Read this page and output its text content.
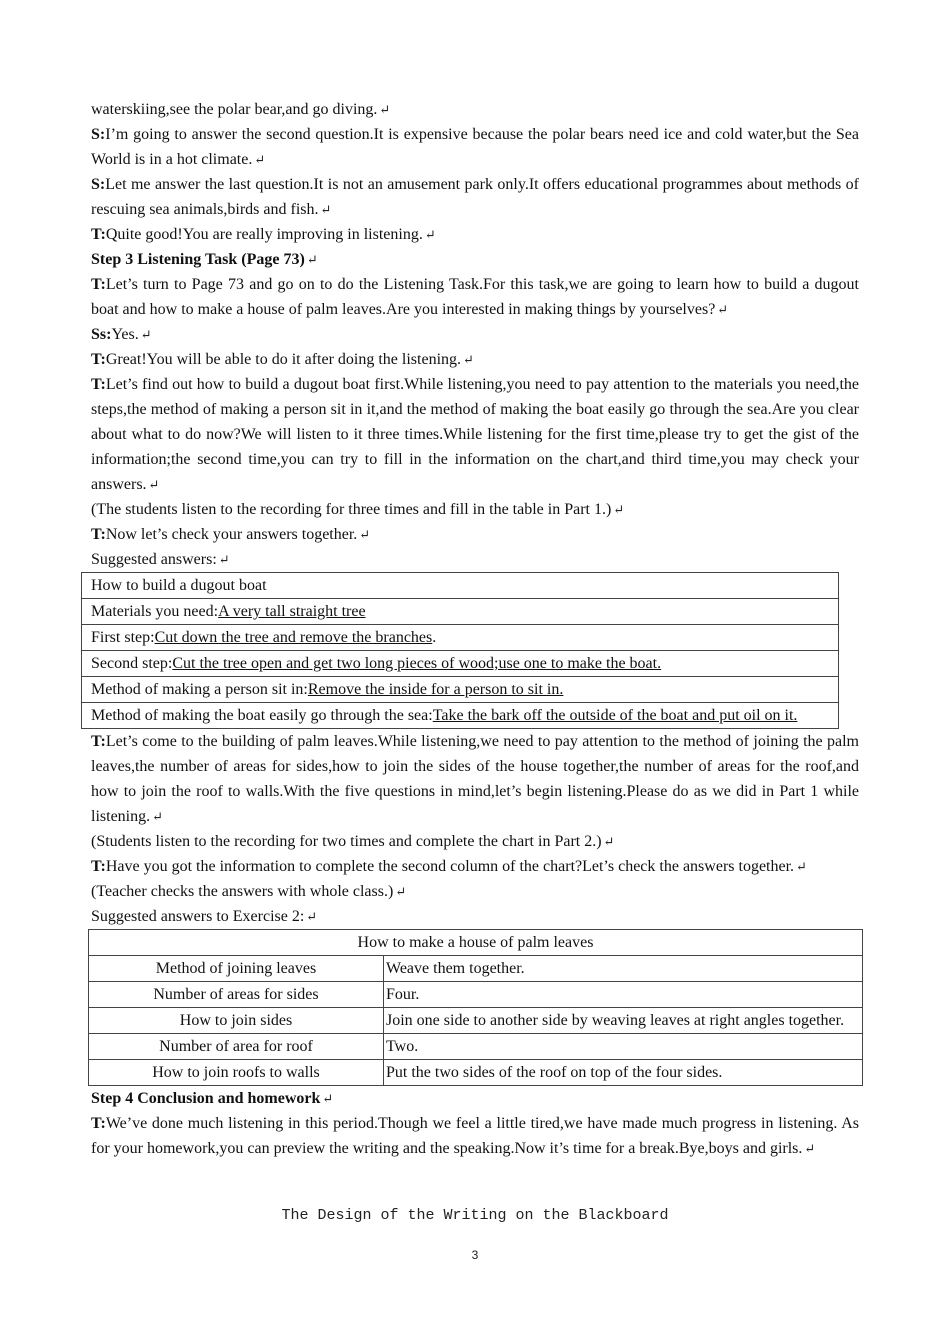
waterskiing,see the polar bear,and go diving. ↵

S:I’m going to answer the second question.It is expensive because the polar bears need ice and cold water,but the Sea World is in a hot climate. ↵

S:Let me answer the last question.It is not an amusement park only.It offers educational programmes about methods of rescuing sea animals,birds and fish. ↵

T:Quite good!You are really improving in listening. ↵

Step 3 Listening Task (Page 73) ↵

T:Let’s turn to Page 73 and go on to do the Listening Task.For this task,we are going to learn how to build a dugout boat and how to make a house of palm leaves.Are you interested in making things by yourselves? ↵

Ss:Yes. ↵

T:Great!You will be able to do it after doing the listening. ↵

T:Let’s find out how to build a dugout boat first.While listening,you need to pay attention to the materials you need,the steps,the method of making a person sit in it,and the method of making the boat easily go through the sea.Are you clear about what to do now?We will listen to it three times.While listening for the first time,please try to get the gist of the information;the second time,you can try to fill in the information on the chart,and third time,you may check your answers. ↵

(The students listen to the recording for three times and fill in the table in Part 1.) ↵

T:Now let’s check your answers together. ↵

Suggested answers: ↵

How to build a dugout boat
Materials you need:A very tall straight tree
First step:Cut down the tree and remove the branches.
Second step:Cut the tree open and get two long pieces of wood;use one to make the boat.
Method of making a person sit in:Remove the inside for a person to sit in.
Method of making the boat easily go through the sea:Take the bark off the outside of the boat and put oil on it.

T:Let’s come to the building of palm leaves.While listening,we need to pay attention to the method of joining the palm leaves,the number of areas for sides,how to join the sides of the house together,the number of areas for the roof,and how to join the roof to walls.With the five questions in mind,let’s begin listening.Please do as we did in Part 1 while listening. ↵

(Students listen to the recording for two times and complete the chart in Part 2.) ↵

T:Have you got the information to complete the second column of the chart?Let’s check the answers together. ↵

(Teacher checks the answers with whole class.) ↵

Suggested answers to Exercise 2: ↵

How to make a house of palm leaves	
Method of joining leaves	Weave them together.
Number of areas for sides	Four.
How to join sides	Join one side to another side by weaving leaves at right angles together.
Number of area for roof	Two.
How to join roofs to walls	Put the two sides of the roof on top of the four sides.

Step 4 Conclusion and homework ↵

T:We’ve done much listening in this period.Though we feel a little tired,we have made much progress in listening. As for your homework,you can preview the writing and the speaking.Now it’s time for a break.Bye,boys and girls. ↵

The Design of the Writing on the Blackboard
3
